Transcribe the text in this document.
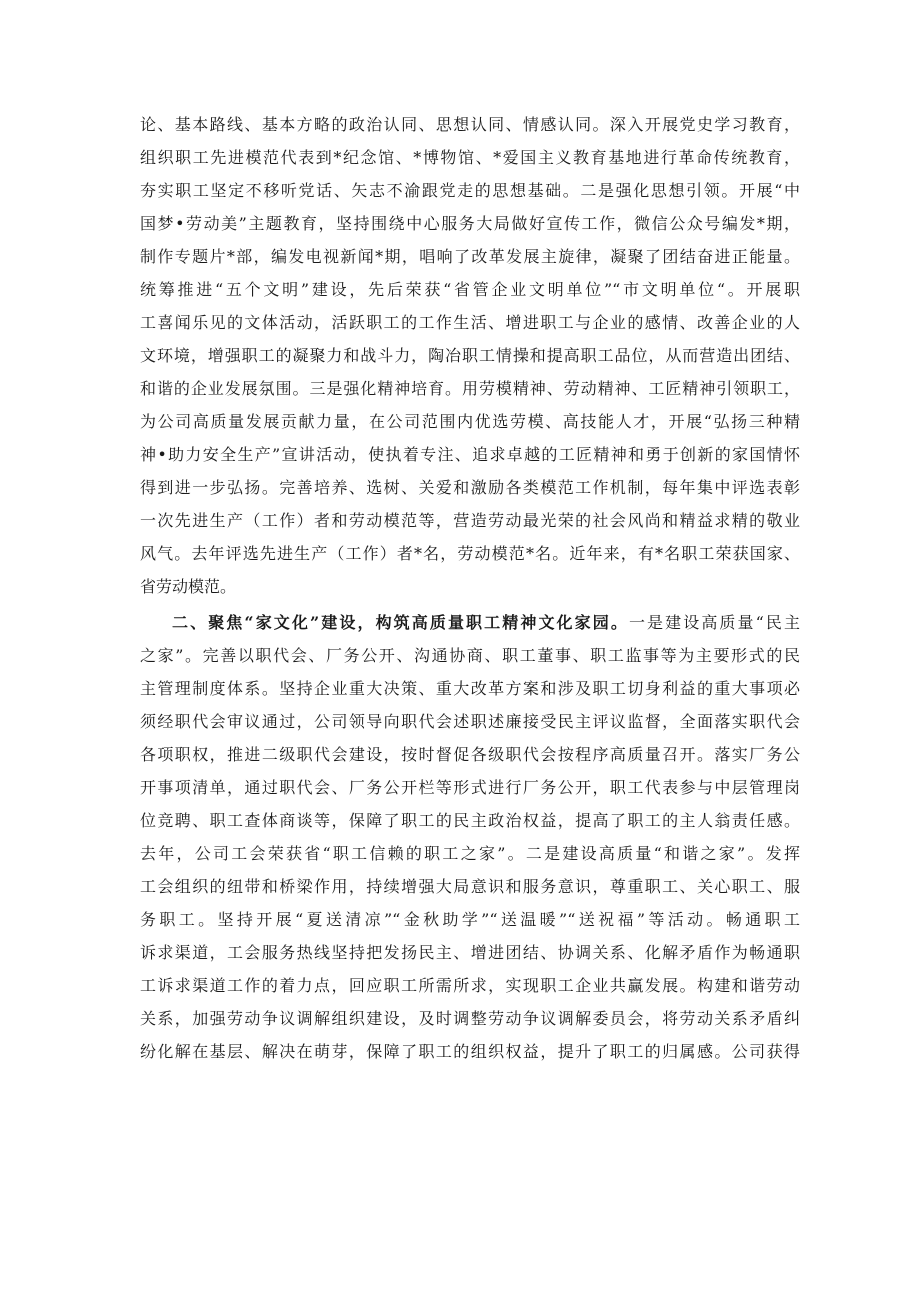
论、基本路线、基本方略的政治认同、思想认同、情感认同。深入开展党史学习教育，
组织职工先进模范代表到*纪念馆、*博物馆、*爱国主义教育基地进行革命传统教育，
夯实职工坚定不移听党话、矢志不渝跟党走的思想基础。二是强化思想引领。开展“中
国梦•劳动美”主题教育，坚持围绕中心服务大局做好宣传工作，微信公众号编发*期，
制作专题片*部，编发电视新闻*期，唱响了改革发展主旋律，凝聚了团结奋进正能量。
统筹推进“五个文明”建设，先后荣获“省管企业文明单位”“市文明单位“。开展职
工喜闻乐见的文体活动，活跃职工的工作生活、增进职工与企业的感情、改善企业的人
文环境，增强职工的凝聚力和战斗力，陶冶职工情操和提高职工品位，从而营造出团结、
和谐的企业发展氛围。三是强化精神培育。用劳模精神、劳动精神、工匠精神引领职工，
为公司高质量发展贡献力量，在公司范围内优选劳模、高技能人才，开展“弘扬三种精
神•助力安全生产”宣讲活动，使执着专注、追求卓越的工匠精神和勇于创新的家国情怀
得到进一步弘扬。完善培养、选树、关爱和激励各类模范工作机制，每年集中评选表彰
一次先进生产（工作）者和劳动模范等，营造劳动最光荣的社会风尚和精益求精的敬业
风气。去年评选先进生产（工作）者*名，劳动模范*名。近年来，有*名职工荣获国家、
省劳动模范。
二、聚焦“家文化”建设，构筑高质量职工精神文化家园。一是建设高质量“民主
之家”。完善以职代会、厂务公开、沟通协商、职工董事、职工监事等为主要形式的民
主管理制度体系。坚持企业重大决策、重大改革方案和涉及职工切身利益的重大事项必
须经职代会审议通过，公司领导向职代会述职述廉接受民主评议监督，全面落实职代会
各项职权，推进二级职代会建设，按时督促各级职代会按程序高质量召开。落实厂务公
开事项清单，通过职代会、厂务公开栏等形式进行厂务公开，职工代表参与中层管理岗
位竞聘、职工查体商谈等，保障了职工的民主政治权益，提高了职工的主人翁责任感。
去年，公司工会荣获省“职工信赖的职工之家”。二是建设高质量“和谐之家”。发挥
工会组织的纽带和桥梁作用，持续增强大局意识和服务意识，尊重职工、关心职工、服
务职工。坚持开展“夏送清凉”“金秋助学”“送温暖”“送祝福”等活动。畅通职工
诉求渠道，工会服务热线坚持把发扬民主、增进团结、协调关系、化解矛盾作为畅通职
工诉求渠道工作的着力点，回应职工所需所求，实现职工企业共赢发展。构建和谐劳动
关系，加强劳动争议调解组织建设，及时调整劳动争议调解委员会，将劳动关系矛盾纠
纷化解在基层、解决在萌芽，保障了职工的组织权益，提升了职工的归属感。公司获得
